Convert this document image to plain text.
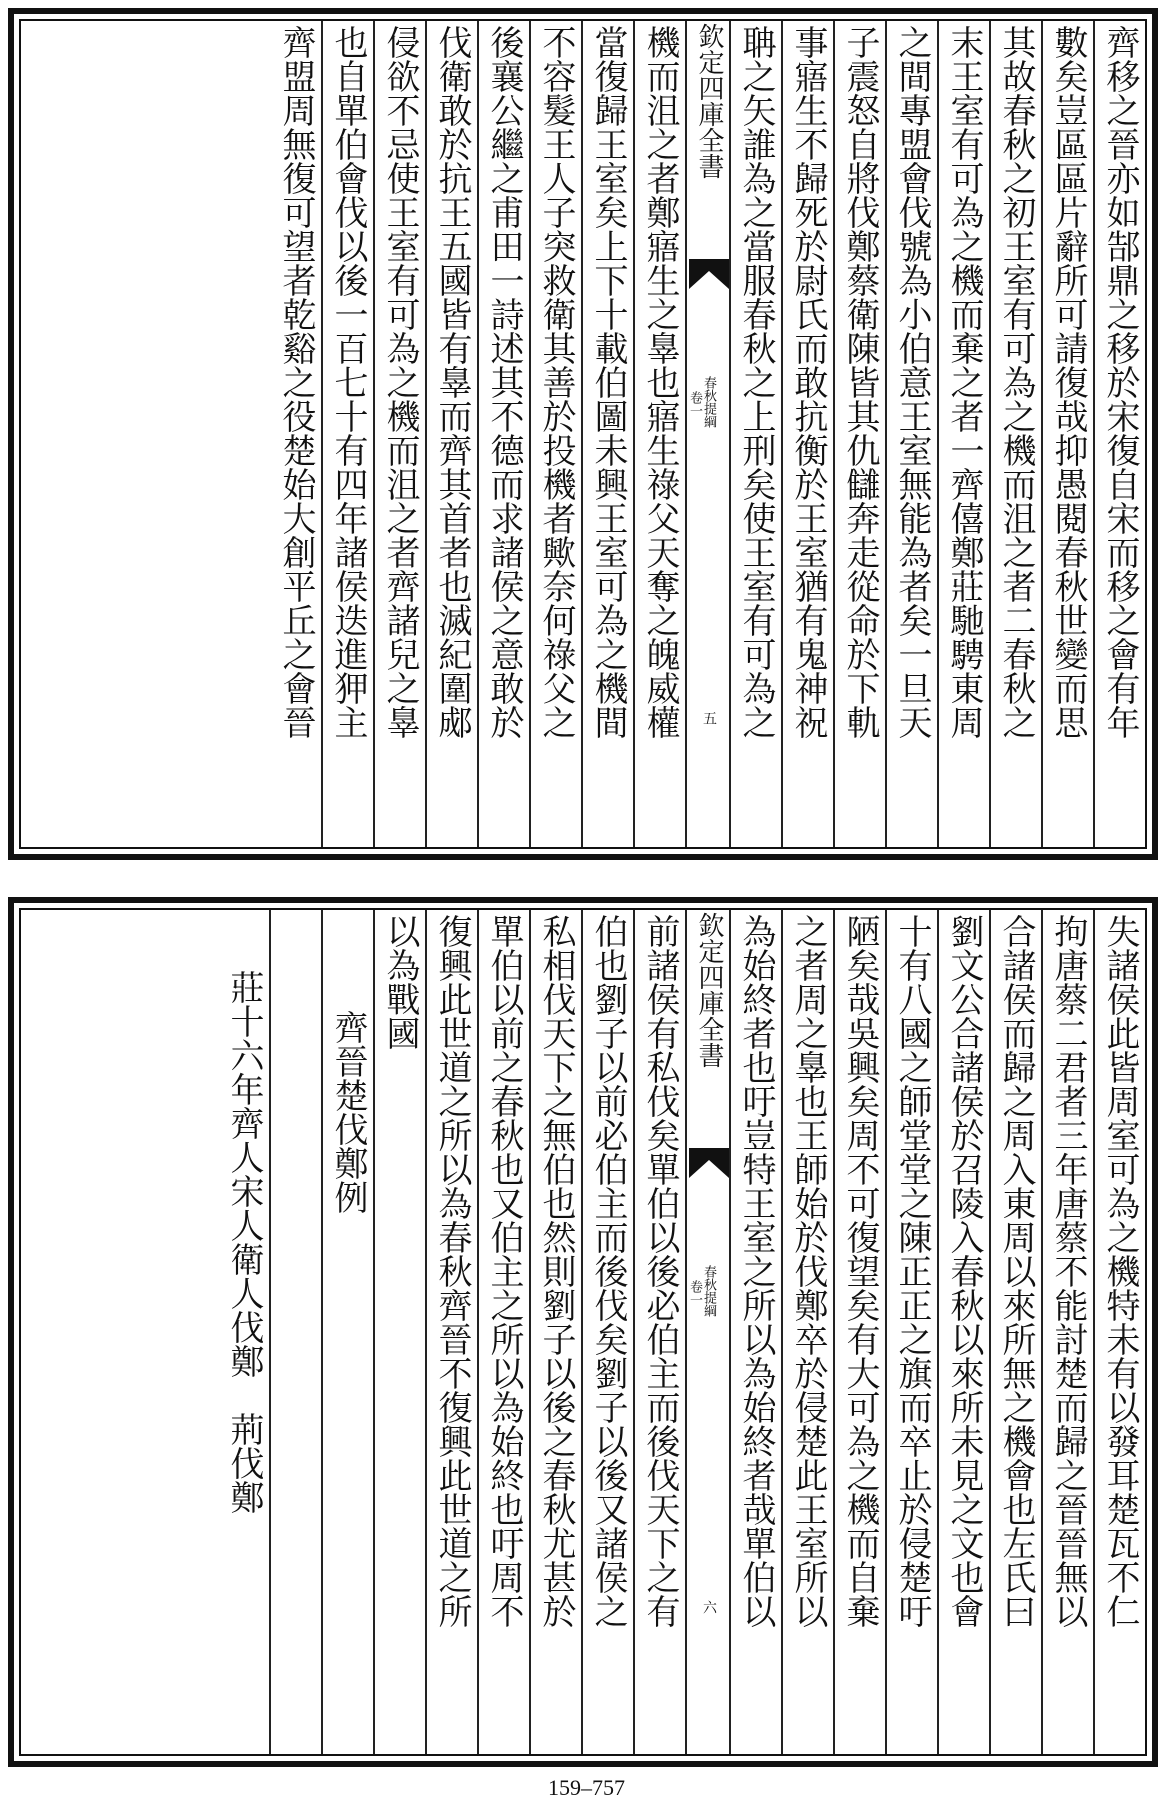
齊移之晉亦如郜鼎之移於宋復自宋而移之會有年
數矣豈區區片辭所可請復哉抑愚閱春秋世變而思
其故春秋之初王室有可為之機而沮之者二春秋之
末王室有可為之機而棄之者一齊僖鄭莊馳騁東周
之間專盟會伐號為小伯意王室無能為者矣一旦天
子震怒自將伐鄭蔡衛陳皆其仇讎奔走從命於下軌
事寤生不歸死於尉氏而敢抗衡於王室猶有鬼神祝
聃之矢誰為之當服春秋之上刑矣使王室有可為之
欽定四庫全書
春秋提綱
卷一
五
機而沮之者鄭寤生之辠也寤生祿父天奪之魄威權
當復歸王室矣上下十載伯圖未興王室可為之機間
不容髮王人子突救衛其善於投機者歟奈何祿父之
後襄公繼之甫田一詩述其不德而求諸侯之意敢於
伐衛敢於抗王五國皆有辠而齊其首者也滅紀圍郕
侵欲不忌使王室有可為之機而沮之者齊諸兒之辠
也自單伯會伐以後一百七十有四年諸侯迭進狎主
齊盟周無復可望者乾谿之役楚始大創平丘之會晉
失諸侯此皆周室可為之機特未有以發耳楚瓦不仁
拘唐蔡二君者三年唐蔡不能討楚而歸之晉晉無以
合諸侯而歸之周入東周以來所無之機會也左氏曰
劉文公合諸侯於召陵入春秋以來所未見之文也會
十有八國之師堂堂之陳正正之旗而卒止於侵楚吁
陋矣哉吳興矣周不可復望矣有大可為之機而自棄
之者周之辠也王師始於伐鄭卒於侵楚此王室所以
為始終者也吁豈特王室之所以為始終者哉單伯以
欽定四庫全書
春秋提綱
卷一
六
前諸侯有私伐矣單伯以後必伯主而後伐天下之有
伯也劉子以前必伯主而後伐矣劉子以後又諸侯之
私相伐天下之無伯也然則劉子以後之春秋尤甚於
單伯以前之春秋也又伯主之所以為始終也吁周不
復興此世道之所以為春秋齊晉不復興此世道之所
以為戰國
齊晉楚伐鄭例
莊十六年齊人宋人衛人伐鄭　荊伐鄭
159–757
